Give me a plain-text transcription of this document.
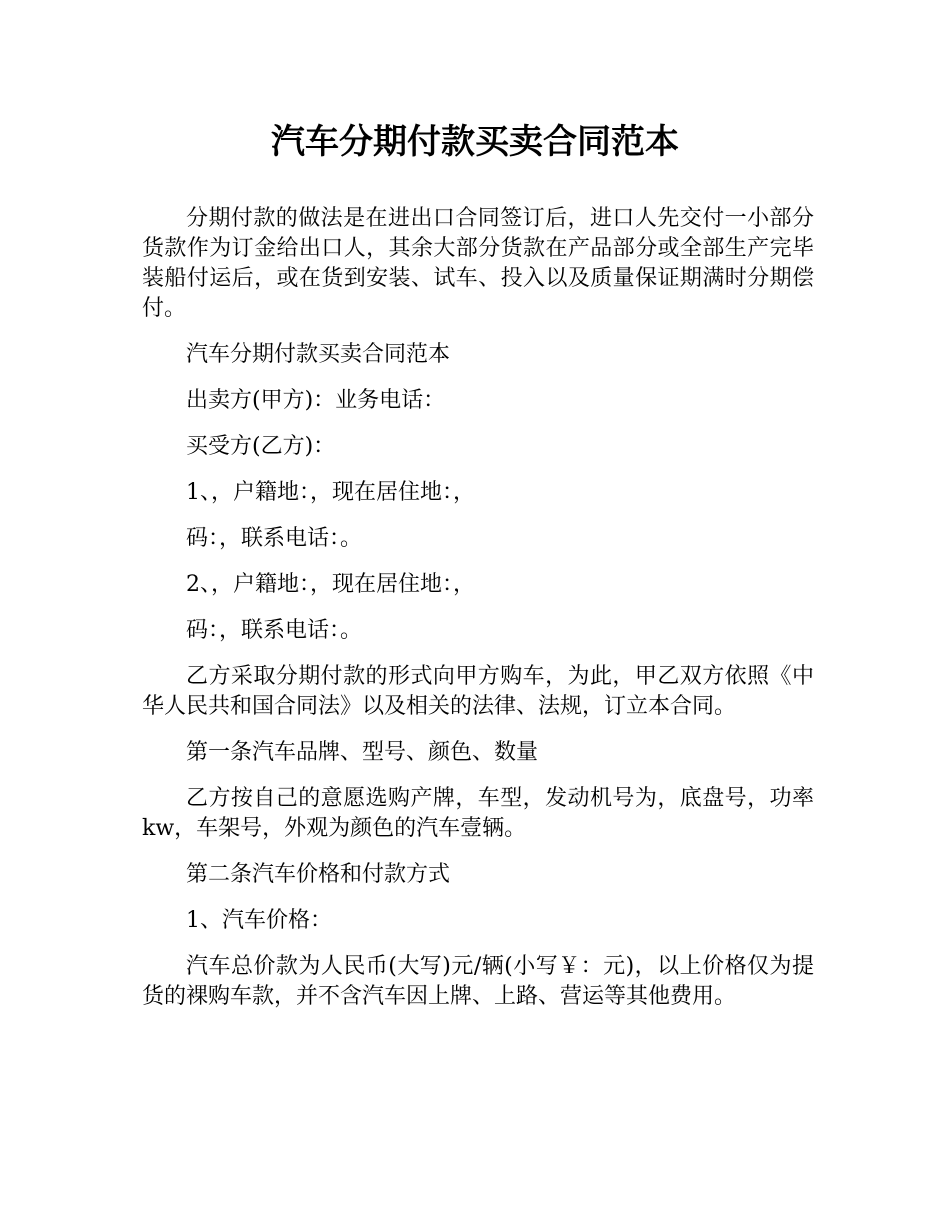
汽车分期付款买卖合同范本

分期付款的做法是在进出口合同签订后，进口人先交付一小部分货款作为订金给出口人，其余大部分货款在产品部分或全部生产完毕装船付运后，或在货到安装、试车、投入以及质量保证期满时分期偿付。

汽车分期付款买卖合同范本

出卖方(甲方)：业务电话：

买受方(乙方)：

1、，户籍地：，现在居住地：，

码：，联系电话：。

2、，户籍地：，现在居住地：，

码：，联系电话：。

乙方采取分期付款的形式向甲方购车，为此，甲乙双方依照《中华人民共和国合同法》以及相关的法律、法规，订立本合同。

第一条汽车品牌、型号、颜色、数量

乙方按自己的意愿选购产牌，车型，发动机号为，底盘号，功率 kw，车架号，外观为颜色的汽车壹辆。

第二条汽车价格和付款方式

1、汽车价格：

汽车总价款为人民币(大写)元/辆(小写￥：元)，以上价格仅为提货的裸购车款，并不含汽车因上牌、上路、营运等其他费用。
